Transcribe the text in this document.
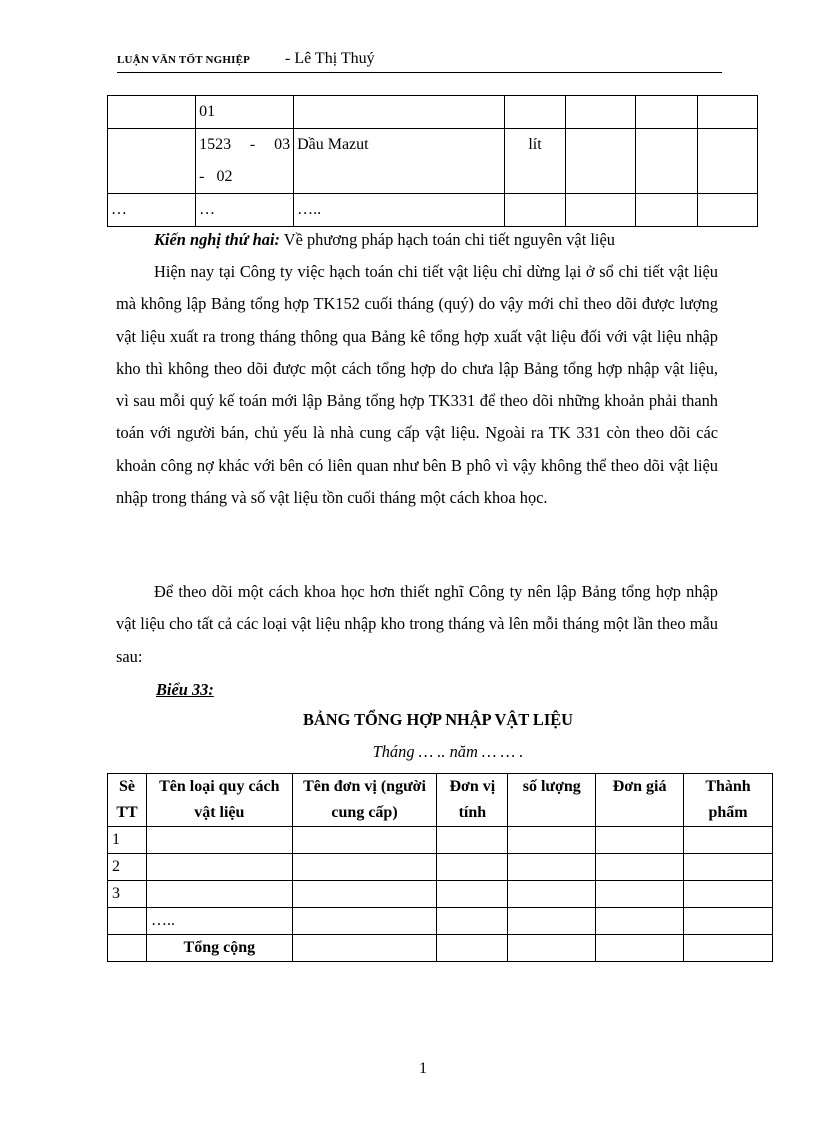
LUẬN VĂN TỐT NGHIỆP - Lê Thị Thuý
	01					
	1523 - 03 - 02	Dầu Mazut	lít			
…	…	…..				
Kiến nghị thứ hai: Về phương pháp hạch toán chi tiết nguyên vật liệu
Hiện nay tại Công ty việc hạch toán chi tiết vật liệu chỉ dừng lại ở sổ chi tiết vật liệu mà không lập Bảng tổng hợp TK152 cuối tháng (quý) do vậy mới chỉ theo dõi được lượng vật liệu xuất ra trong tháng thông qua Bảng kê tổng hợp xuất vật liệu đối với vật liệu nhập kho thì không theo dõi được một cách tổng hợp do chưa lập Bảng tổng hợp nhập vật liệu, vì sau mỗi quý kế toán mới lập Bảng tổng hợp TK331 để theo dõi những khoản phải thanh toán với người bán, chủ yếu là nhà cung cấp vật liệu. Ngoài ra TK 331 còn theo dõi các khoản công nợ khác với bên có liên quan như bên B phô vì vậy không thể theo dõi vật liệu nhập trong tháng và số vật liệu tồn cuối tháng một cách khoa học.
Để theo dõi một cách khoa học hơn thiết nghĩ Công ty nên lập Bảng tổng hợp nhập vật liệu cho tất cả các loại vật liệu nhập kho trong tháng và lên mỗi tháng một lần theo mẫu sau:
Biểu 33:
BẢNG TỔNG HỢP NHẬP VẬT LIỆU
Tháng … .. năm … … .
Sè TT	Tên loại quy cách vật liệu	Tên đơn vị (người cung cấp)	Đơn vị tính	số lượng	Đơn giá	Thành phẩm
1						
2						
3						
	…..					
	Tổng cộng					
1
